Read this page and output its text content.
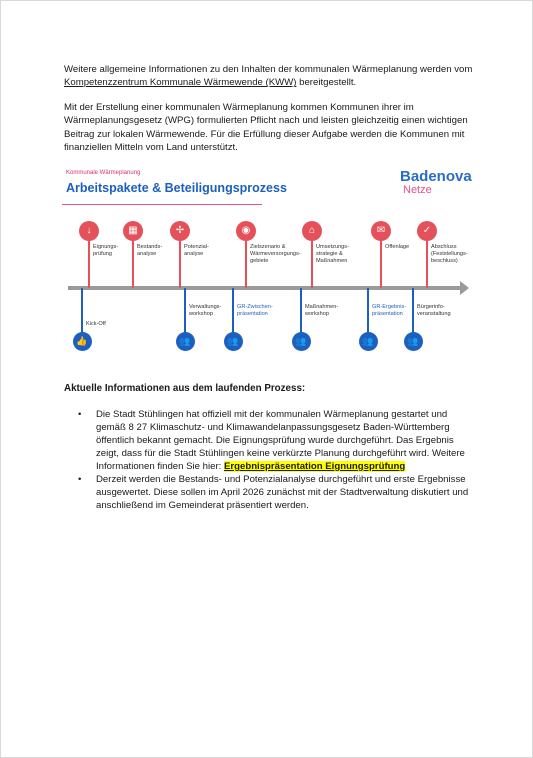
Weitere allgemeine Informationen zu den Inhalten der kommunalen Wärmeplanung werden vom Kompetenzzentrum Kommunale Wärmewende (KWW) bereitgestellt.
Mit der Erstellung einer kommunalen Wärmeplanung kommen Kommunen ihrer im Wärmeplanungsgesetz (WPG) formulierten Pflicht nach und leisten gleichzeitig einen wichtigen Beitrag zur lokalen Wärmewende. Für die Erfüllung dieser Aufgabe werden die Kommunen mit finanziellen Mitteln vom Land unterstützt.
Kommunale Wärmeplanung
Arbeitspakete & Beteiligungsprozess
Badenova
Netze
↓
Eignungs-
prüfung
▦
Bestands-
analyse
✢
Potenzial-
analyse
◉
Zielszenario &
Wärmeversorgungs-
gebiete
⌂
Umsetzungs-
strategie &
Maßnahmen
✉
Offenlage
✓
Abschluss
(Feststellungs-
beschluss)
👍
Kick-Off
👥
Verwaltungs-
workshop
👥
GR-Zwischen-
präsentation
👥
Maßnahmen-
workshop
👥
GR-Ergebnis-
präsentation
👥
Bürgerinfo-
veranstaltung
Aktuelle Informationen aus dem laufenden Prozess:
• Die Stadt Stühlingen hat offiziell mit der kommunalen Wärmeplanung gestartet und gemäß 8 27 Klimaschutz- und Klimawandelanpassungsgesetz Baden-Württemberg öffentlich bekannt gemacht. Die Eignungsprüfung wurde durchgeführt. Das Ergebnis zeigt, dass für die Stadt Stühlingen keine verkürzte Planung durchgeführt wird. Weitere Informationen finden Sie hier: Ergebnispräsentation Eignungsprüfung
• Derzeit werden die Bestands- und Potenzialanalyse durchgeführt und erste Ergebnisse ausgewertet. Diese sollen im April 2026 zunächst mit der Stadtverwaltung diskutiert und anschließend im Gemeinderat präsentiert werden.
